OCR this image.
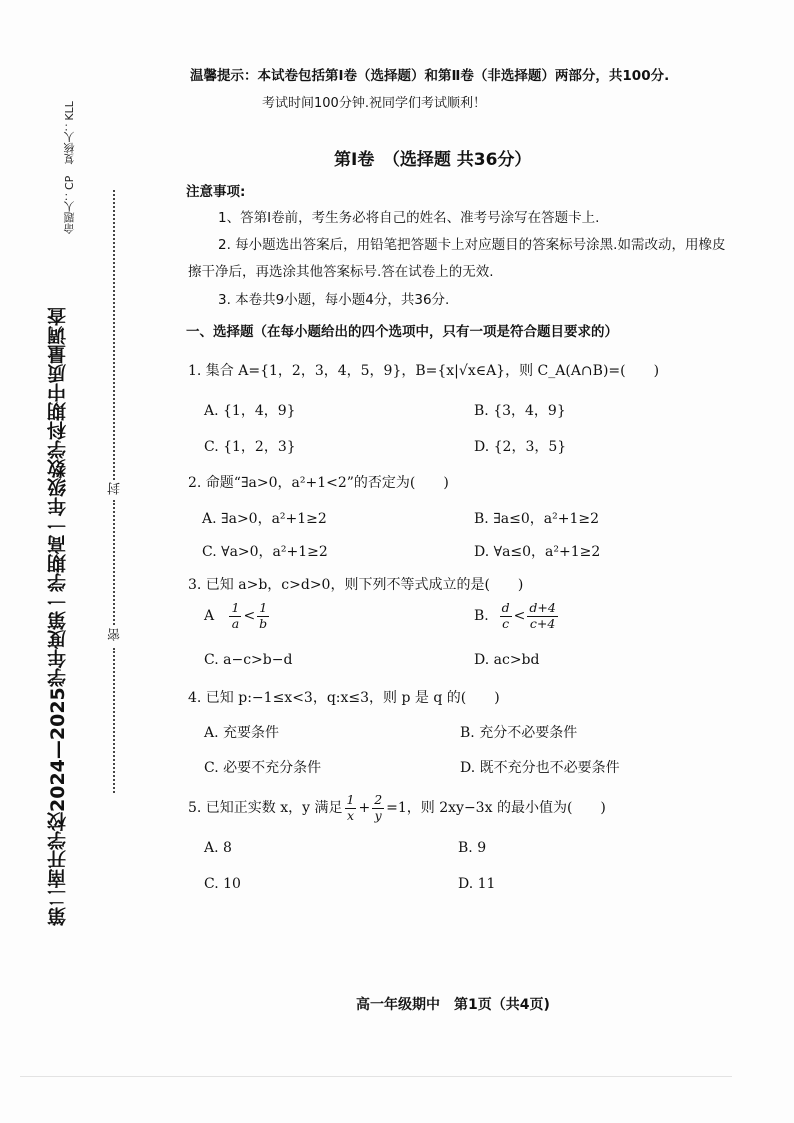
第二南开学校2024—2025学年度第一学期高一年级数学科期中质量调查
命题人：CP　复核人：KLL
封
密
温馨提示：本试卷包括第Ⅰ卷（选择题）和第Ⅱ卷（非选择题）两部分，共100分.
考试时间100分钟.祝同学们考试顺利！
第Ⅰ卷　（选择题 共36分）
注意事项:
1、答第Ⅰ卷前，考生务必将自己的姓名、准考号涂写在答题卡上.
2. 每小题选出答案后，用铅笔把答题卡上对应题目的答案标号涂黑.如需改动，用橡皮
擦干净后，再选涂其他答案标号.答在试卷上的无效.
3. 本卷共9小题，每小题4分，共36分.
一、选择题（在每小题给出的四个选项中，只有一项是符合题目要求的）
1. 集合 A={1，2，3，4，5，9}，B={x|√x∈A}，则 C_A(A∩B)=(　　)
A. {1，4，9}	B. {3，4，9}
C. {1，2，3}	D. {2，3，5}
2. 命题“∃a>0，a²+1<2”的否定为(　　)
A. ∃a>0，a²+1≥2	B. ∃a≤0，a²+1≥2
C. ∀a>0，a²+1≥2	D. ∀a≤0，a²+1≥2
3. 已知 a>b，c>d>0，则下列不等式成立的是(　　)
A $\frac{1}{a} < \frac{1}{b}$	B. $\frac{d}{c} < \frac{d+4}{c+4}$
C. a−c>b−d	D. ac>bd
4. 已知 p:−1≤x<3，q:x≤3，则 p 是 q 的(　　)
A. 充要条件	B. 充分不必要条件
C. 必要不充分条件	D. 既不充分也不必要条件
5. 已知正实数 x，y 满足 $\frac{1}{x} + \frac{2}{y} =1$，则 2xy−3x 的最小值为(　　)
A. 8	B. 9
C. 10	D. 11
高一年级期中　第1页（共4页)
